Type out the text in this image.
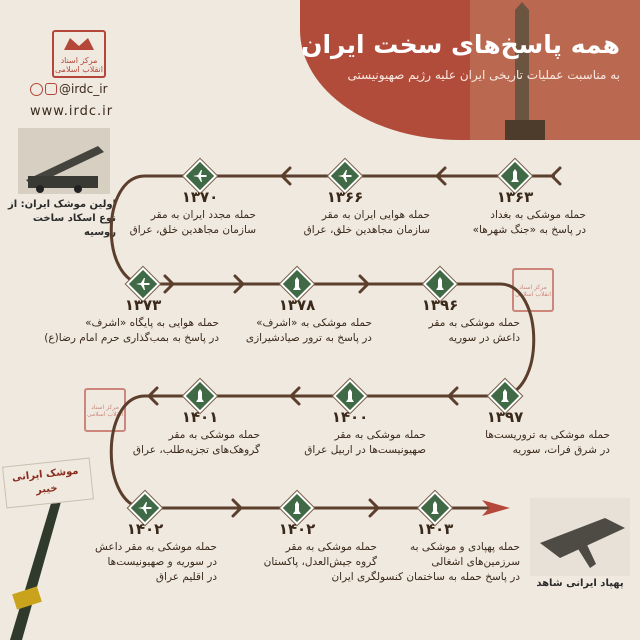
همه پاسخ‌های سخت ایران
به مناسبت عملیات تاریخی ایران علیه رژیم صهیونیستی
مرکز اسناد انقلاب اسلامی
@irdc_ir
www.irdc.ir
اولین موشک ایران: از نوع اسکاد ساخت روسیه
موشک ایرانی خیبر
پهپاد ایرانی شاهد
مرکز اسناد انقلاب اسلامی
مرکز اسناد انقلاب اسلامی
۱۳۶۳
حمله موشکی به بغداد
در پاسخ به «جنگ شهرها»
۱۳۶۶
حمله هوایی ایران به مقر
سازمان مجاهدین خلق، عراق
۱۳۷۰
حمله مجدد ایران به مقر
سازمان مجاهدین خلق، عراق
۱۳۷۳
حمله هوایی به پایگاه «اشرف»
در پاسخ به بمب‌گذاری حرم امام رضا(ع)
۱۳۷۸
حمله موشکی به «اشرف»
در پاسخ به ترور صیادشیرازی
۱۳۹۶
حمله موشکی به مقر
داعش در سوریه
۱۳۹۷
حمله موشکی به تروریست‌ها
در شرق فرات، سوریه
۱۴۰۰
حمله موشکی به مقر
صهیونیست‌ها در اربیل عراق
۱۴۰۱
حمله موشکی به مقر
گروهک‌های تجزیه‌طلب، عراق
۱۴۰۲
حمله موشکی به مقر داعش
در سوریه و صهیونیست‌ها
در اقلیم عراق
۱۴۰۲
حمله موشکی به مقر
گروه جیش‌العدل، پاکستان
۱۴۰۳
حمله پهپادی و موشکی به
سرزمین‌های اشغالی
در پاسخ حمله به ساختمان کنسولگری ایران
